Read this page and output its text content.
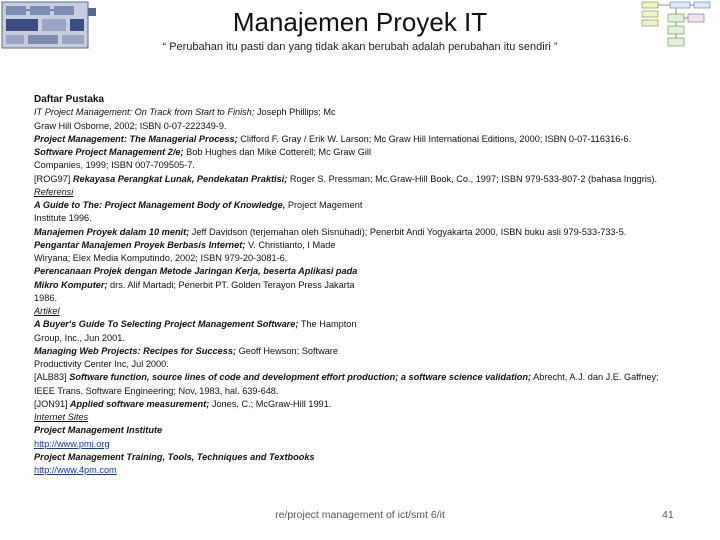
Manajemen Proyek IT
“ Perubahan itu pasti dan yang tidak akan berubah adalah perubahan itu sendiri ”
Daftar Pustaka
IT Project Management: On Track from Start to Finish; Joseph Phillips; Mc
Graw Hill Osborne, 2002; ISBN 0-07-222349-9.
Project Management: The Managerial Process; Clifford F. Gray / Erik W. Larson; Mc Graw Hill International Editions, 2000; ISBN 0-07-116316-6.
Software Project Management 2/e; Bob Hughes dan Mike Cotterell; Mc Graw Gill
Companies, 1999; ISBN 007-709505-7.
[ROG97] Rekayasa Perangkat Lunak, Pendekatan Praktisi; Roger S. Pressman; Mc.Graw-Hill Book, Co., 1997; ISBN 979-533-807-2 (bahasa Inggris).
Referensi
A Guide to The: Project Management Body of Knowledge, Project Magement
Institute 1996.
Manajemen Proyek dalam 10 menit; Jeff Davidson (terjemahan oleh Sisnuhadi); Penerbit Andi Yogyakarta 2000, ISBN buku asli 979-533-733-5.
Pengantar Manajemen Proyek Berbasis Internet; V. Christianto, I Made
Wiryana; Elex Media Komputindo, 2002; ISBN 979-20-3081-6.
Perencanaan Projek dengan Metode Jaringan Kerja, beserta Aplikasi pada
Mikro Komputer; drs. Alif Martadi; Penerbit PT. Golden Terayon Press Jakarta
1986.
Artikel
A Buyer's Guide To Selecting Project Management Software; The Hampton
Group, Inc., Jun 2001.
Managing Web Projects: Recipes for Success; Geoff Hewson; Software
Productivity Center Inc, Jul 2000.
[ALB83] Software function, source lines of code and development effort production; a software science validation; Abrecht, A.J. dan J.E. Gaffney;
IEEE Trans. Software Engineering; Nov, 1983, hal. 639-648.
[JON91] Applied software measurement; Jones, C.; McGraw-Hill 1991.
Internet Sites
Project Management Institute
http://www.pmi.org
Project Management Training, Tools, Techniques and Textbooks
http://www.4pm.com
re/project management of ict/smt 6/it	41
